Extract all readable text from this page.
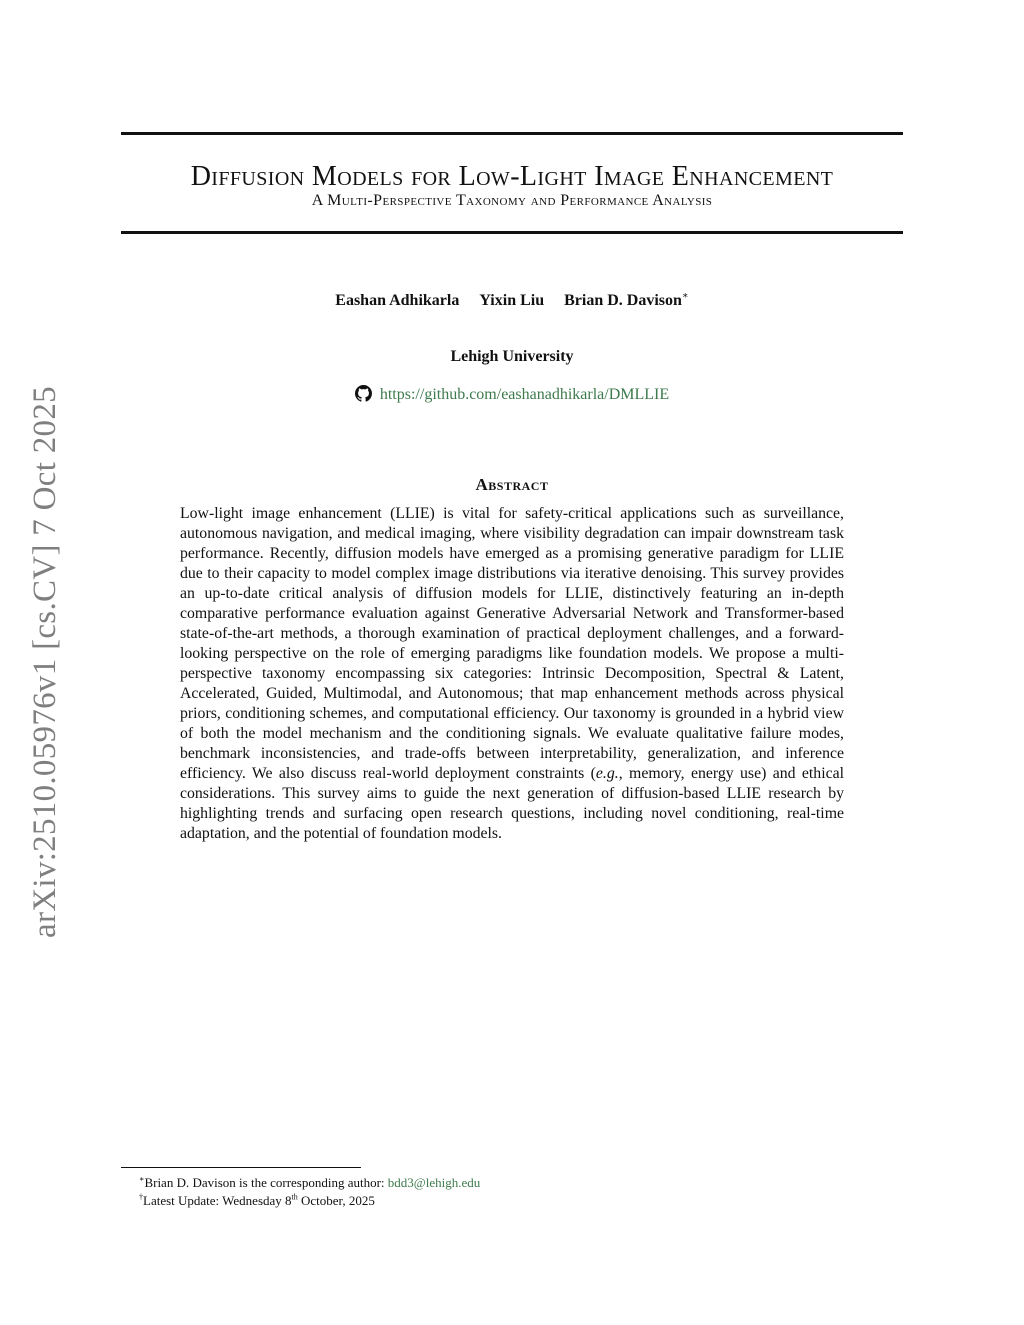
arXiv:2510.05976v1 [cs.CV] 7 Oct 2025
Diffusion Models for Low-Light Image Enhancement
A Multi-Perspective Taxonomy and Performance Analysis
Eashan Adhikarla Yixin Liu Brian D. Davison∗
Lehigh University
https://github.com/eashanadhikarla/DMLLIE
Abstract
Low-light image enhancement (LLIE) is vital for safety-critical applications such as surveillance, autonomous navigation, and medical imaging, where visibility degradation can impair downstream task performance. Recently, diffusion models have emerged as a promising generative paradigm for LLIE due to their capacity to model complex image distributions via iterative denoising. This survey provides an up-to-date critical analysis of diffusion models for LLIE, distinctively featuring an in-depth comparative performance evaluation against Generative Adversarial Network and Transformer-based state-of-the-art methods, a thorough examination of practical deployment challenges, and a forward-looking perspective on the role of emerging paradigms like foundation models. We propose a multi-perspective taxonomy encompassing six categories: Intrinsic Decomposition, Spectral & Latent, Accelerated, Guided, Multimodal, and Autonomous; that map enhancement methods across physical priors, conditioning schemes, and computational efficiency. Our taxonomy is grounded in a hybrid view of both the model mechanism and the conditioning signals. We evaluate qualitative failure modes, benchmark inconsistencies, and trade-offs between interpretability, generalization, and inference efficiency. We also discuss real-world deployment constraints (e.g., memory, energy use) and ethical considerations. This survey aims to guide the next generation of diffusion-based LLIE research by highlighting trends and surfacing open research questions, including novel conditioning, real-time adaptation, and the potential of foundation models.
∗Brian D. Davison is the corresponding author: bdd3@lehigh.edu
†Latest Update: Wednesday 8th October, 2025
